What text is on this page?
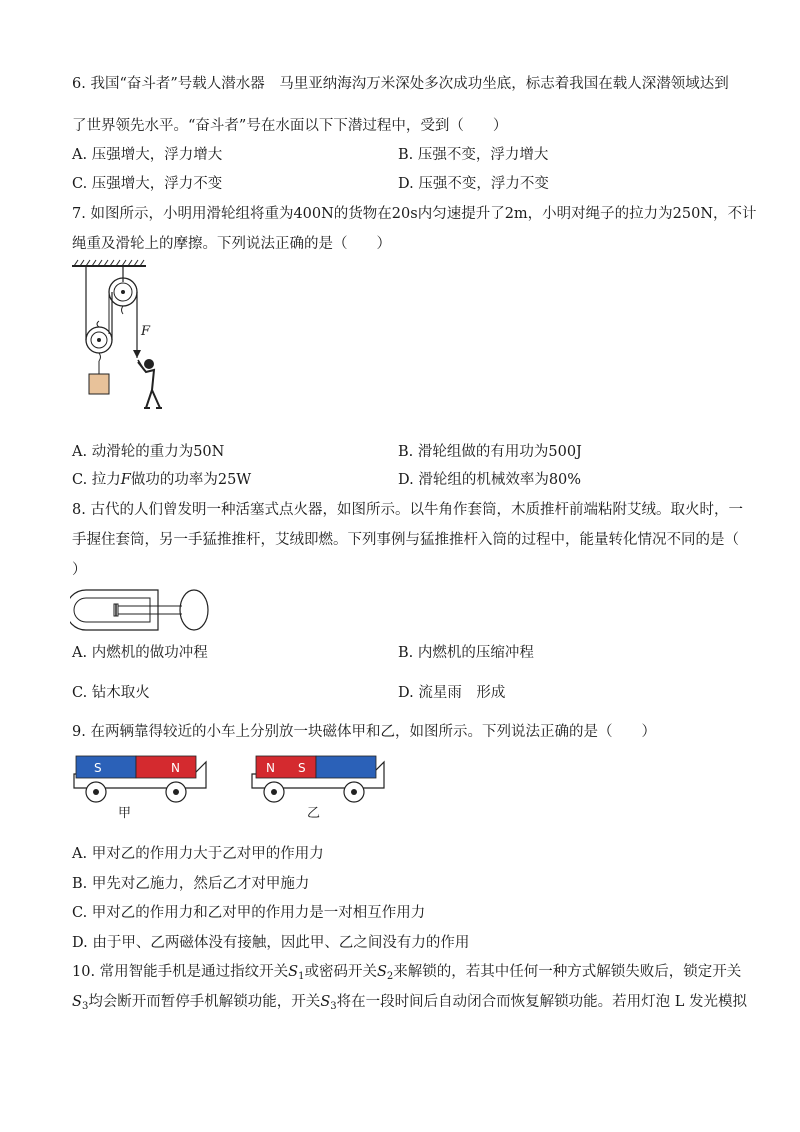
6. 我国“奋斗者”号载人潜水器　马里亚纳海沟万米深处多次成功坐底，标志着我国在载人深潜领域达到
了世界领先水平。“奋斗者”号在水面以下下潜过程中，受到（　　）
A. 压强增大，浮力增大	B. 压强不变，浮力增大
C. 压强增大，浮力不变	D. 压强不变，浮力不变
7. 如图所示，小明用滑轮组将重为400N的货物在20s内匀速提升了2m，小明对绳子的拉力为250N，不计
绳重及滑轮上的摩擦。下列说法正确的是（　　）
F
A. 动滑轮的重力为50N	B. 滑轮组做的有用功为500J
C. 拉力F做功的功率为25W	D. 滑轮组的机械效率为80%
8. 古代的人们曾发明一种活塞式点火器，如图所示。以牛角作套筒，木质推杆前端粘附艾绒。取火时，一
手握住套筒，另一手猛推推杆，艾绒即燃。下列事例与猛推推杆入筒的过程中，能量转化情况不同的是（
）
A. 内燃机的做功冲程	B. 内燃机的压缩冲程
C. 钻木取火	D. 流星雨　形成
9. 在两辆靠得较近的小车上分别放一块磁体甲和乙，如图所示。下列说法正确的是（　　）
S	N
甲
N S
乙
A. 甲对乙的作用力大于乙对甲的作用力
B. 甲先对乙施力，然后乙才对甲施力
C. 甲对乙的作用力和乙对甲的作用力是一对相互作用力
D. 由于甲、乙两磁体没有接触，因此甲、乙之间没有力的作用
10. 常用智能手机是通过指纹开关$S_1$或密码开关$S_2$来解锁的，若其中任何一种方式解锁失败后，锁定开关
$S_3$均会断开而暂停手机解锁功能，开关$S_3$将在一段时间后自动闭合而恢复解锁功能。若用灯泡 L 发光模拟
